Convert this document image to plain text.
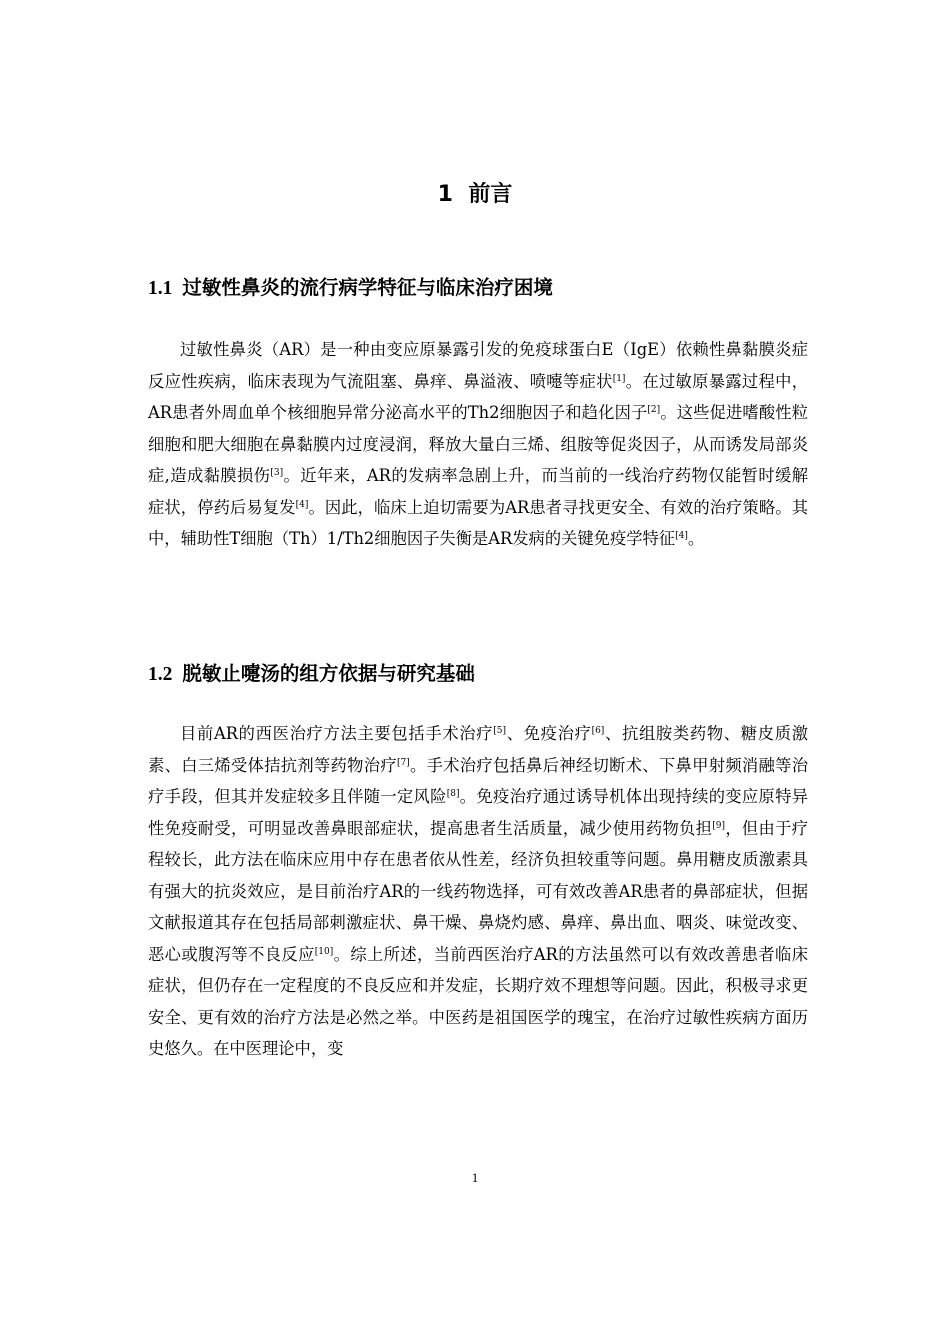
1 前言
1.1 过敏性鼻炎的流行病学特征与临床治疗困境
过敏性鼻炎（AR）是一种由变应原暴露引发的免疫球蛋白E（IgE）依赖性鼻黏膜炎症反应性疾病，临床表现为气流阻塞、鼻痒、鼻溢液、喷嚏等症状[1]。在过敏原暴露过程中，AR患者外周血单个核细胞异常分泌高水平的Th2细胞因子和趋化因子[2]。这些促进嗜酸性粒细胞和肥大细胞在鼻黏膜内过度浸润，释放大量白三烯、组胺等促炎因子，从而诱发局部炎症,造成黏膜损伤[3]。近年来，AR的发病率急剧上升，而当前的一线治疗药物仅能暂时缓解症状，停药后易复发[4]。因此，临床上迫切需要为AR患者寻找更安全、有效的治疗策略。其中，辅助性T细胞（Th）1/Th2细胞因子失衡是AR发病的关键免疫学特征[4]。
1.2 脱敏止嚏汤的组方依据与研究基础
目前AR的西医治疗方法主要包括手术治疗[5]、免疫治疗[6]、抗组胺类药物、糖皮质激素、白三烯受体拮抗剂等药物治疗[7]。手术治疗包括鼻后神经切断术、下鼻甲射频消融等治疗手段，但其并发症较多且伴随一定风险[8]。免疫治疗通过诱导机体出现持续的变应原特异性免疫耐受，可明显改善鼻眼部症状，提高患者生活质量，减少使用药物负担[9]，但由于疗程较长，此方法在临床应用中存在患者依从性差，经济负担较重等问题。鼻用糖皮质激素具有强大的抗炎效应，是目前治疗AR的一线药物选择，可有效改善AR患者的鼻部症状，但据文献报道其存在包括局部刺激症状、鼻干燥、鼻烧灼感、鼻痒、鼻出血、咽炎、味觉改变、恶心或腹泻等不良反应[10]。综上所述，当前西医治疗AR的方法虽然可以有效改善患者临床症状，但仍存在一定程度的不良反应和并发症，长期疗效不理想等问题。因此，积极寻求更安全、更有效的治疗方法是必然之举。中医药是祖国医学的瑰宝，在治疗过敏性疾病方面历史悠久。在中医理论中，变
1
